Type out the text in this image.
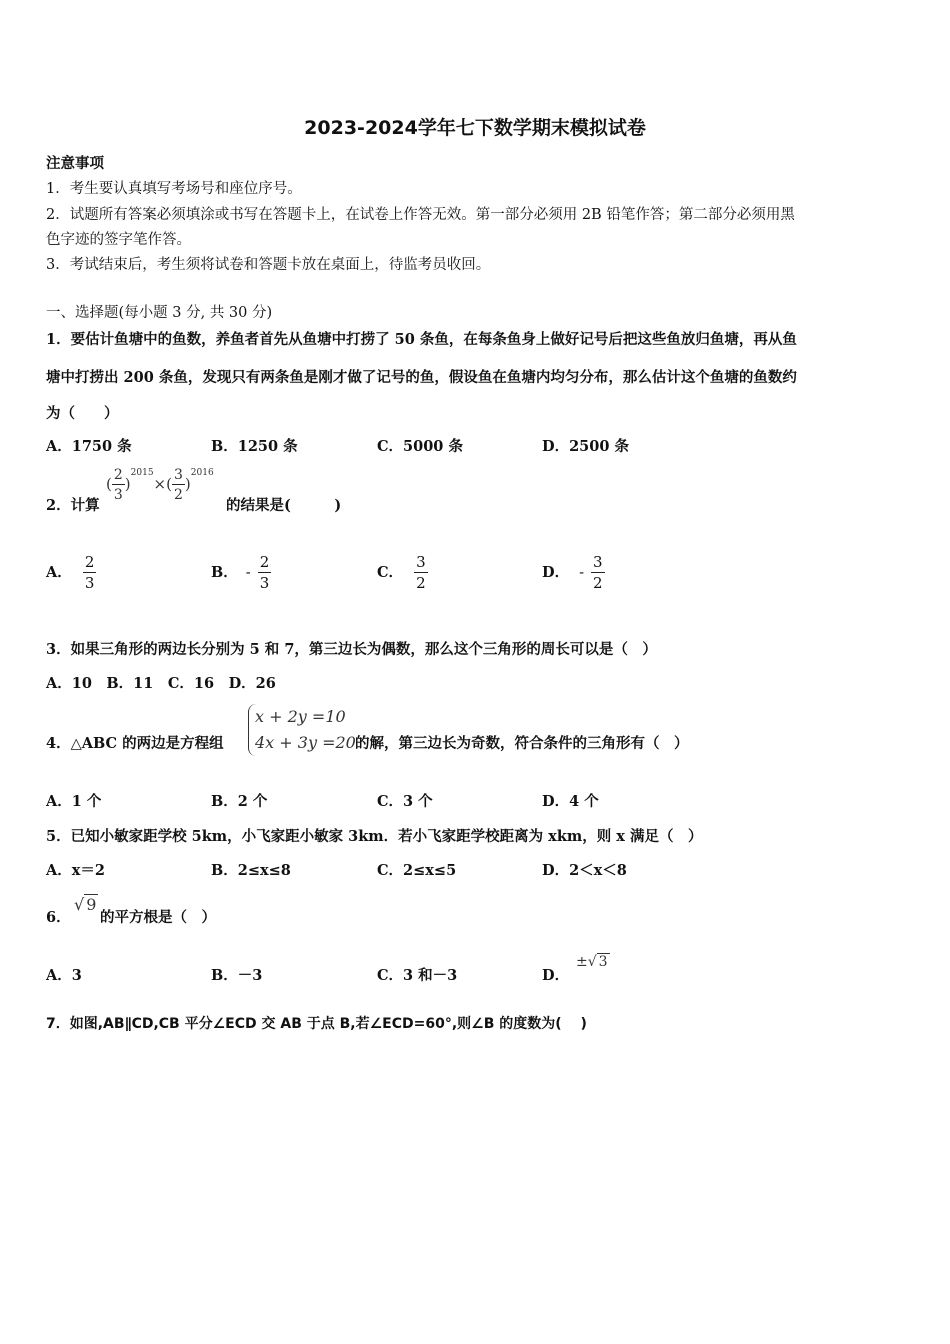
2023-2024学年七下数学期末模拟试卷
注意事项
1．考生要认真填写考场号和座位序号。
2．试题所有答案必须填涂或书写在答题卡上，在试卷上作答无效。第一部分必须用 2B 铅笔作答；第二部分必须用黑
色字迹的签字笔作答。
3．考试结束后，考生须将试卷和答题卡放在桌面上，待监考员收回。
一、选择题(每小题 3 分, 共 30 分)
1．要估计鱼塘中的鱼数，养鱼者首先从鱼塘中打捞了 50 条鱼，在每条鱼身上做好记号后把这些鱼放归鱼塘，再从鱼
塘中打捞出 200 条鱼，发现只有两条鱼是刚才做了记号的鱼，假设鱼在鱼塘内均匀分布，那么估计这个鱼塘的鱼数约
为（　　）
A．1750 条	B．1250 条	C．5000 条	D．2500 条
2．计算
( $\frac{2}{3} )^{2015}\times( \frac{3}{2} )^{2016}$
的结果是(　　　)
A． $\frac{2}{3}$	B． - $\frac{2}{3}$	C． $\frac{3}{2}$	D． - $\frac{3}{2}$
3．如果三角形的两边长分别为 5 和 7，第三边长为偶数，那么这个三角形的周长可以是（　）
A．10　B．11　C．16　D．26
4．△ABC 的两边是方程组
x + 2y =10
4x + 3y =20 的解，第三边长为奇数，符合条件的三角形有（　）
A．1 个	B．2 个	C．3 个	D．4 个
5．已知小敏家距学校 5km，小飞家距小敏家 3km．若小飞家距学校距离为 xkm，则 x 满足（　）
A．x＝2	B．2≤x≤8	C．2≤x≤5	D．2＜x＜8
6．
√ 9
的平方根是（　）
A．3	B．－3	C．3 和－3	D．
±√ 3
7．如图,AB∥CD,CB 平分∠ECD 交 AB 于点 B,若∠ECD=60°,则∠B 的度数为(　 )
